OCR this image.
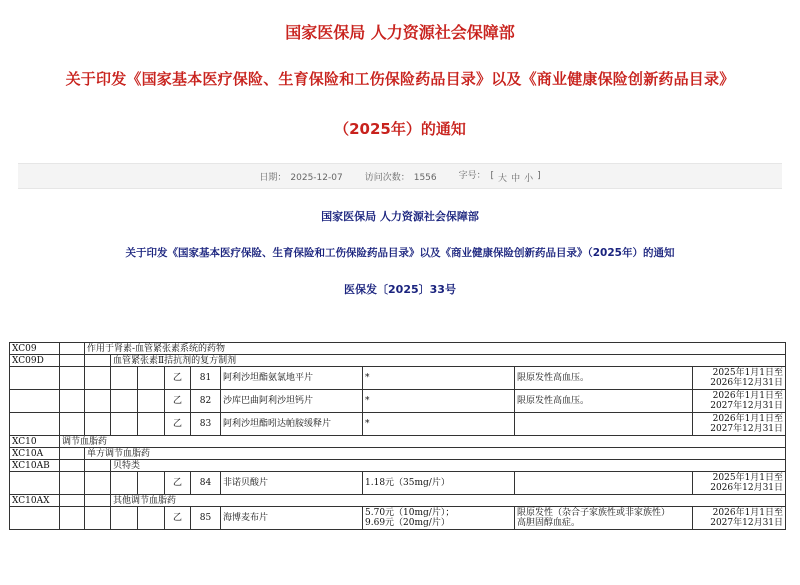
国家医保局 人力资源社会保障部
关于印发《国家基本医疗保险、生育保险和工伤保险药品目录》以及《商业健康保险创新药品目录》
（2025年）的通知
日期： 2025-12-07 访问次数： 1556 字号： [ 大 中 小 ]
国家医保局 人力资源社会保障部
关于印发《国家基本医疗保险、生育保险和工伤保险药品目录》以及《商业健康保险创新药品目录》（2025年）的通知
医保发〔2025〕33号
XC09		作用于肾素-血管紧张素系统的药物								
XC09D			血管紧张素Ⅱ拮抗剂的复方制剂							
					乙	81	阿利沙坦酯氨氯地平片	*	限原发性高血压。	2025年1月1日至
2026年12月31日
					乙	82	沙库巴曲阿利沙坦钙片	*	限原发性高血压。	2026年1月1日至
2027年12月31日
					乙	83	阿利沙坦酯吲达帕胺缓释片	*		2026年1月1日至
2027年12月31日
XC10	调节血脂药									
XC10A		单方调节血脂药								
XC10AB			贝特类							
					乙	84	非诺贝酸片	1.18元（35mg/片）		2025年1月1日至
2026年12月31日
XC10AX			其他调节血脂药							
					乙	85	海博麦布片	5.70元（10mg/片）；
9.69元（20mg/片）	限原发性（杂合子家族性或非家族性）
高胆固醇血症。	2026年1月1日至
2027年12月31日
